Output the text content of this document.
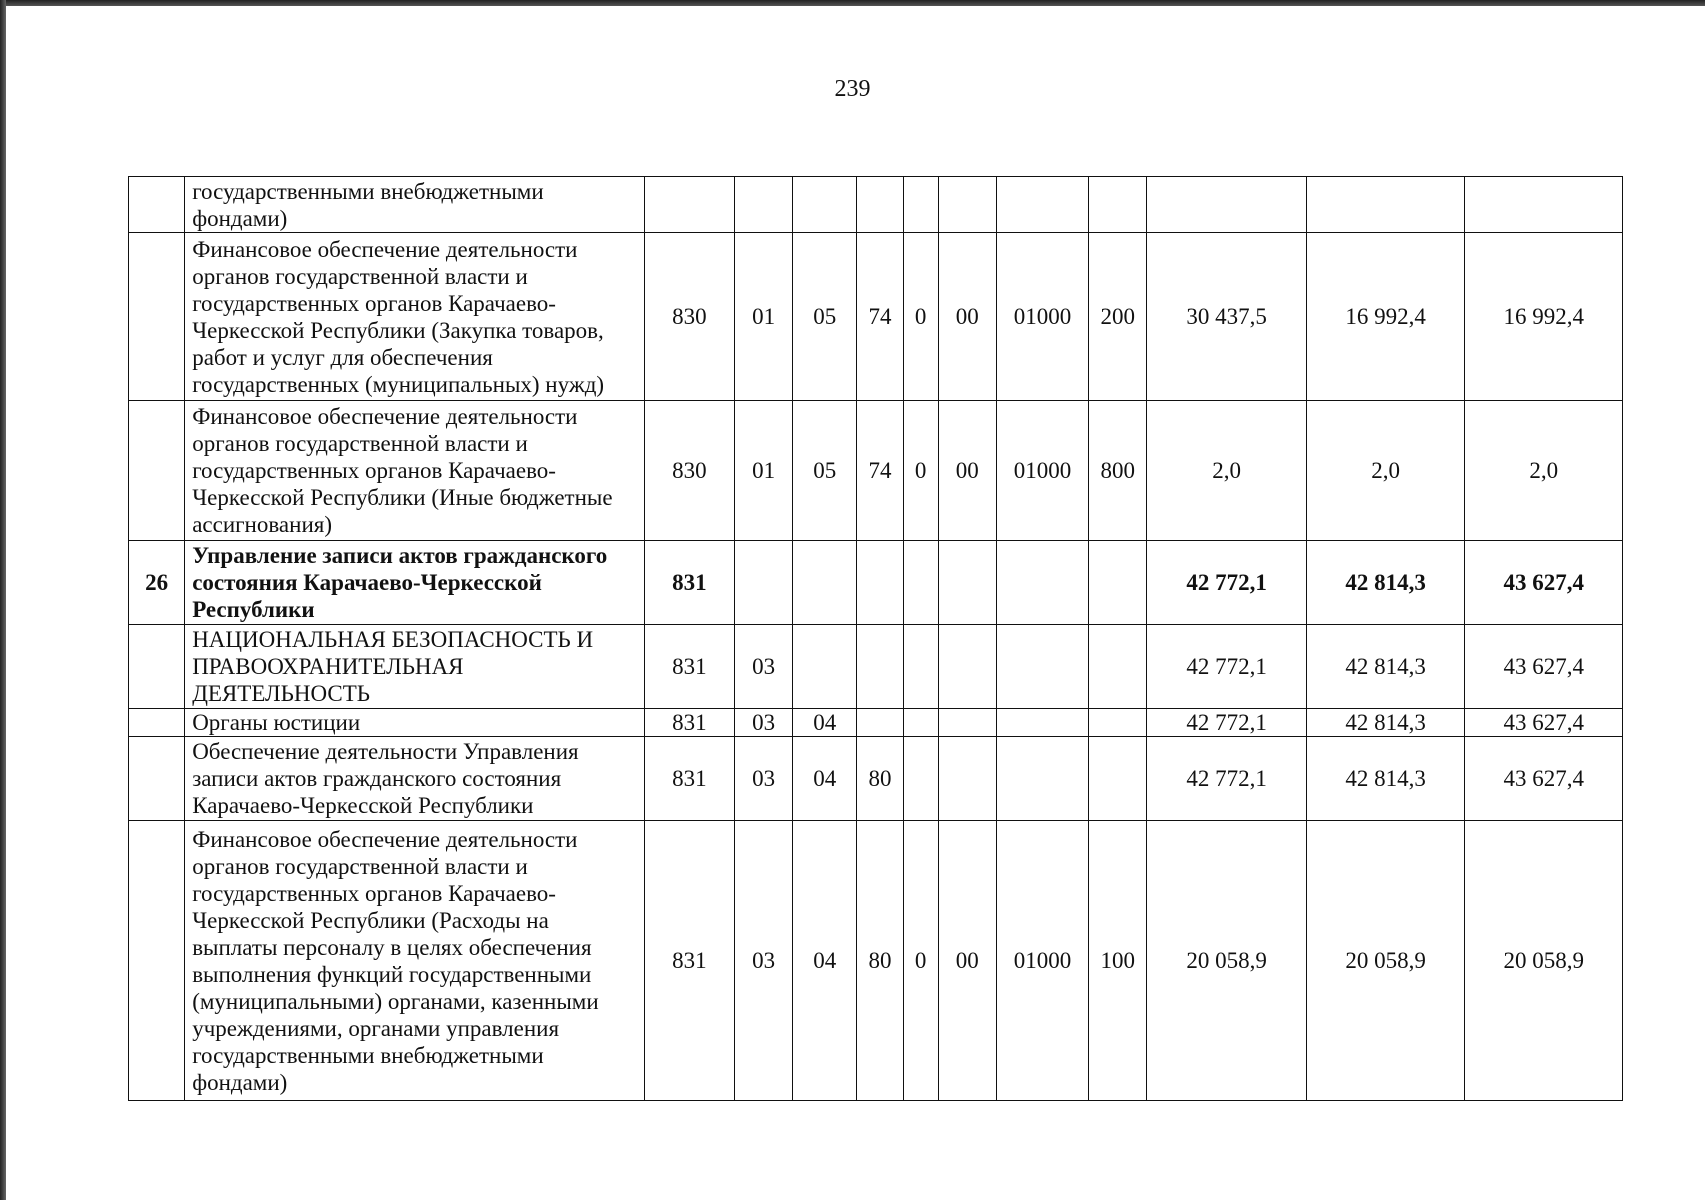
239
	государственными внебюджетными фондами)											
	Финансовое обеспечение деятельности органов государственной власти и государственных органов Карачаево-Черкесской Республики (Закупка товаров, работ и услуг для обеспечения государственных (муниципальных) нужд)	830	01	05	74	0	00	01000	200	30 437,5	16 992,4	16 992,4
	Финансовое обеспечение деятельности органов государственной власти и государственных органов Карачаево-Черкесской Республики (Иные бюджетные ассигнования)	830	01	05	74	0	00	01000	800	2,0	2,0	2,0
26	Управление записи актов гражданского состояния Карачаево-Черкесской Республики	831								42 772,1	42 814,3	43 627,4
	НАЦИОНАЛЬНАЯ БЕЗОПАСНОСТЬ И ПРАВООХРАНИТЕЛЬНАЯ ДЕЯТЕЛЬНОСТЬ	831	03							42 772,1	42 814,3	43 627,4
	Органы юстиции	831	03	04						42 772,1	42 814,3	43 627,4
	Обеспечение деятельности Управления записи актов гражданского состояния Карачаево-Черкесской Республики	831	03	04	80					42 772,1	42 814,3	43 627,4
	Финансовое обеспечение деятельности органов государственной власти и государственных органов Карачаево-Черкесской Республики (Расходы на выплаты персоналу в целях обеспечения выполнения функций государственными (муниципальными) органами, казенными учреждениями, органами управления государственными внебюджетными фондами)	831	03	04	80	0	00	01000	100	20 058,9	20 058,9	20 058,9
